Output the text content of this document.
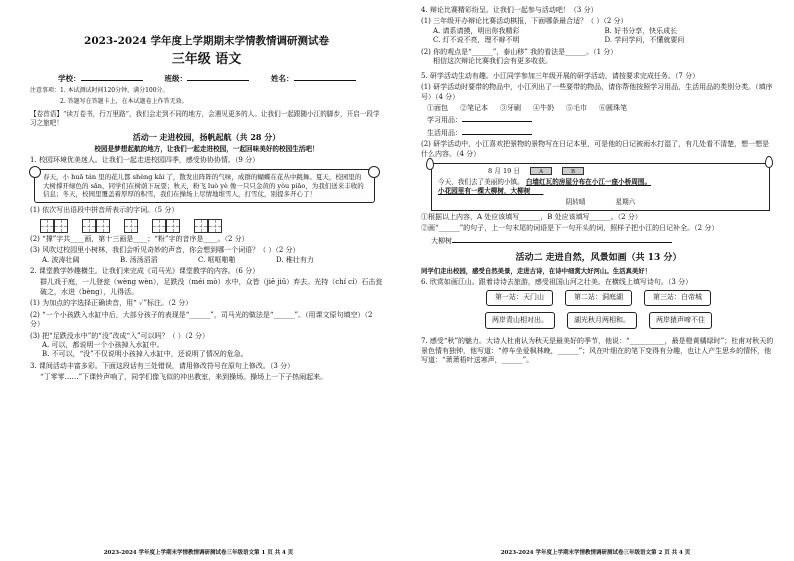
2023-2024 学年度上学期期末学情教情调研测试卷
三年级 语文
学校：	班级：	姓名：
注意事项：1. 本试测试时间120分钟，满分100分。
2. 答题写在答题卡上，在本试题卷上作答无效。
【卷首语】“读万卷书，行万里路”，我们会走到不同的地方，会遇见更多的人。让我们一起跟随小江的脚步，开启一段学习之旅吧！
活动一 走进校园，扬帆起航（共 28 分）
校园是梦想起航的地方，让我们一起走进校园，一起回味美好的校园生活吧！
1. 校园环境优美迷人。让我们一起走进校园四季，感受协协协情。（9 分）
春天，小 huā tán 里的花儿都 shèng kāi 了，散发出阵阵的气味，成群的蝴蝶在花丛中跳舞。夏天，校园里的大树撑开绿色的 sǎn，同学们在树荫下玩耍；秋天，粉飞 luò yè 像一只只金黄的 yòu piāo，为我们送来丰收的信息；冬天，校园里覆盖着厚厚的积雪，我们在操场上尽情地堆雪人，打雪仗，别提多开心了！
(1) 依次写出语段中拼音所表示的字词。（5 分）
(2) “撑”字共____画，第十三画是____；“粉”字的音序是____。（2 分）
(3) 风吹过校园里小树林，我们会听见奇妙的声音，你会想到哪一个词语？（ ）（2 分）
A. 波涛壮阔	B. 汤汤滔滔	C. 哐哐啪啪	D. 稚壮有力
2. 课堂教学妙趣横生。让我们来完成《司马光》课堂教学的内容。（6 分）
群儿戏于庭，一儿登瓮（wèng wèn），足跌没（méi mò）水中，众皆（jiē jiǔ）弃去。光持（chí cí）石击瓮破之，水迸（bèng），儿得活。
(1) 为加点的字选择正确读音，用“ ✓”标注。（2 分）
(2) “一个小孩跌入水缸中后，大部分孩子的表现是“______”，司马光的做法是“______”。（用课文原句填空）（2 分）
(3) 把“足跌没水中”的“没”改成“入”可以吗？（ ）（2 分）
A. 可以，都说明一个小孩掉入水缸中。
B. 不可以，“没”不仅说明小孩掉入水缸中，还说明了情况的危急。
3. 课间活动丰富多彩。下面这段话有三处错误，请用修改符号在原句上修改。（3 分）
“丁零零……”下课铃声响了，同学们像飞似的冲出教室，来到操场。操场上一下子热闹起来。
2023-2024 学年度上学期末学情教情调研测试卷三年级语文第 1 页 共 4 页
4. 辩论比赛精彩纷呈。让我们一起参与活动吧！（3 分）
(1) 三年级开办辩论比赛活动棋报，下面哪条最合适？（ ）（2 分）
A. 请系请摸，明出你我精彩	B. 好书分享，快乐成长
C. 灯不说不亮，理不辩不明	D. 学问学问，不懂就要问
(2) 你的观点是“______”，泰山移” 我的看法是______。（1 分）
相信这次辩论比赛我们会有更多收获。
5. 研学活动生动有趣。小江同学参加三年级开展的研学活动，请按要求完成任务。（7 分）
(1) 研学活动时要带的物品中，小江列出了一些要带的物品，请你帮他按照学习用品，生活用品的类别分类。（填序号）（4 分）
①面包 ②笔记本 ③牙刷 ④牛奶 ⑤毛巾 ⑥圆珠笔
学习用品：
生活用品：
(2) 研学活动中，小江喜欢把景物的景物写在日记本里，可是他的日记被雨水打湿了，有几处看不清楚，想一想是什么内容。（4 分）
8 月 19 日	A	B
今天，我们去了美丽的小镇。 白墙红瓦的房屋分布在小江一座小桥周围。
小花园里有一棵大柳树，大柳树____
阴转晴	星期六
①根据以上内容，A 处应该填写______，B 处应该填写______。（2 分）
②画“______”的句子，上一句末尾的词语是下一句开头的词，照样子把小江的日记补全。（2 分）
大柳树
活动二 走进自然，风景如画（共 13 分）
同学们走出校园，感受自然美景，走进古诗，在诗中细赏大好河山。生活真美好！
6. 欣赏如画江山。跟着诗诗去旅游，感受祖国山河之壮美。在横线上填写诗句。（3 分）
第一站：天门山	第二站：洞庭湖	第三站：白帝城
两岸青山相对出。	湖光秋月两相和。	两岸猿声啼不住
7. 感受“秋”的魅力。大诗人杜甫认为秋天是最美好的季节，他说：“__________，最是橙黄橘绿时”；杜甫对秋天的景色情有独钟，他写道：“停车坐爱枫林晚，______”；风在叶细在的笔下变得有分趣，也让人产生思乡的情怀，他写道：“萧萧梧叶送寒声，______”。
2023-2024 学年度上学期末学情教情调研测试卷三年级语文第 2 页 共 4 页
